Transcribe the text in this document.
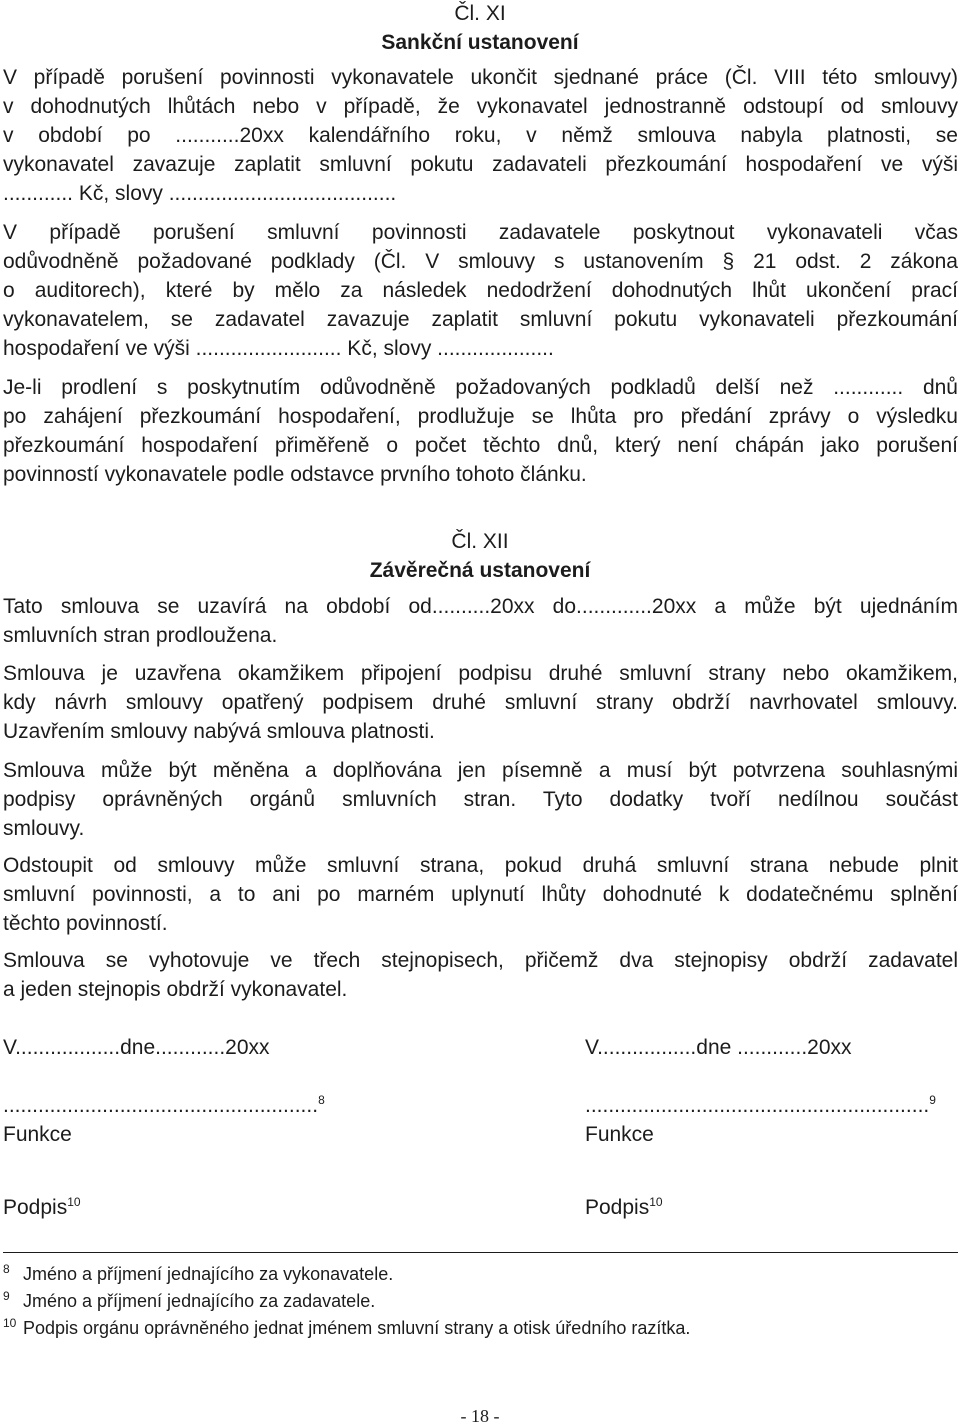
Čl. XI
Sankční ustanovení
V případě porušení povinnosti vykonavatele ukončit sjednané práce (Čl. VIII této smlouvy)
v dohodnutých lhůtách nebo v případě, že vykonavatel jednostranně odstoupí od smlouvy
v období po ...........20xx kalendářního roku, v němž smlouva nabyla platnosti, se
vykonavatel zavazuje zaplatit smluvní pokutu zadavateli přezkoumání hospodaření ve výši
............ Kč, slovy .......................................
V případě porušení smluvní povinnosti zadavatele poskytnout vykonavateli včas
odůvodněně požadované podklady (Čl. V smlouvy s ustanovením § 21 odst. 2 zákona
o auditorech), které by mělo za následek nedodržení dohodnutých lhůt ukončení prací
vykonavatelem, se zadavatel zavazuje zaplatit smluvní pokutu vykonavateli přezkoumání
hospodaření ve výši ......................... Kč, slovy ....................
Je-li prodlení s poskytnutím odůvodněně požadovaných podkladů delší než ............ dnů
po zahájení přezkoumání hospodaření, prodlužuje se lhůta pro předání zprávy o výsledku
přezkoumání hospodaření přiměřeně o počet těchto dnů, který není chápán jako porušení
povinností vykonavatele podle odstavce prvního tohoto článku.
Čl. XII
Závěrečná ustanovení
Tato smlouva se uzavírá na období od..........20xx do.............20xx a může být ujednáním
smluvních stran prodloužena.
Smlouva je uzavřena okamžikem připojení podpisu druhé smluvní strany nebo okamžikem,
kdy návrh smlouvy opatřený podpisem druhé smluvní strany obdrží navrhovatel smlouvy.
Uzavřením smlouvy nabývá smlouva platnosti.
Smlouva může být měněna a doplňována jen písemně a musí být potvrzena souhlasnými
podpisy oprávněných orgánů smluvních stran. Tyto dodatky tvoří nedílnou součást
smlouvy.
Odstoupit od smlouvy může smluvní strana, pokud druhá smluvní strana nebude plnit
smluvní povinnosti, a to ani po marném uplynutí lhůty dohodnuté k dodatečnému splnění
těchto povinností.
Smlouva se vyhotovuje ve třech stejnopisech, přičemž dva stejnopisy obdrží zadavatel
a jeden stejnopis obdrží vykonavatel.
V..................dne............20xx
......................................................$^8$
Funkce
Podpis$^{10}$
V.................dne ............20xx
...........................................................$^9$
Funkce
Podpis$^{10}$
8 Jméno a příjmení jednajícího za vykonavatele.
9 Jméno a příjmení jednajícího za zadavatele.
10 Podpis orgánu oprávněného jednat jménem smluvní strany a otisk úředního razítka.
- 18 -
